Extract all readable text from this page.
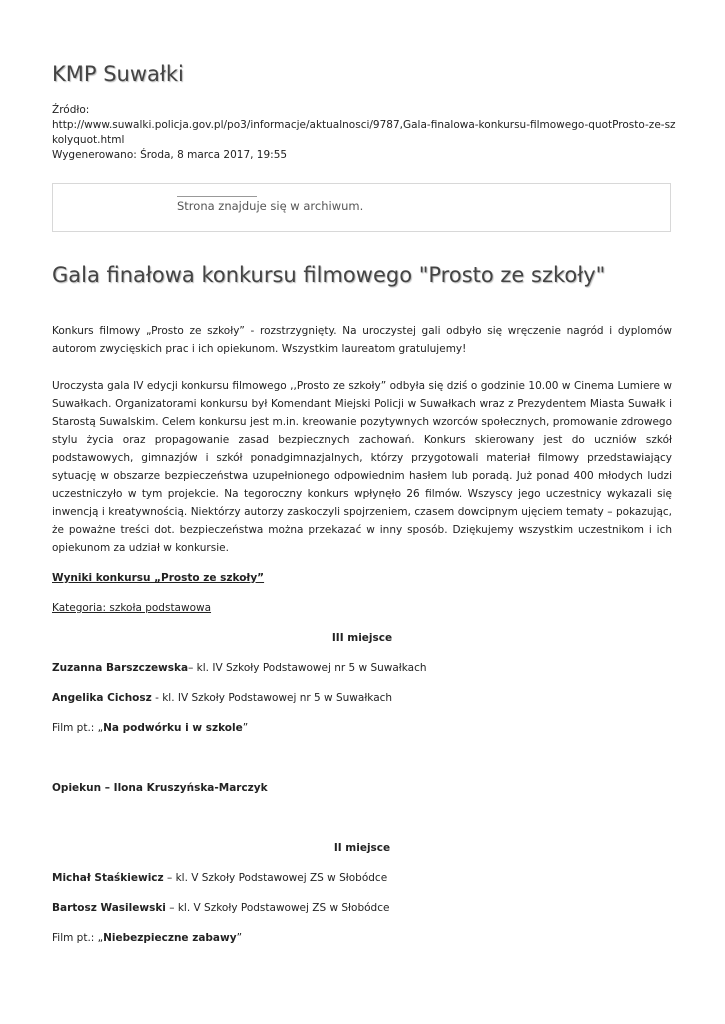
KMP Suwałki
Źródło:
http://www.suwalki.policja.gov.pl/po3/informacje/aktualnosci/9787,Gala-finalowa-konkursu-filmowego-quotProsto-ze-szkolyquot.html
Wygenerowano: Środa, 8 marca 2017, 19:55
Strona znajduje się w archiwum.
Gala finałowa konkursu filmowego "Prosto ze szkoły"

Konkurs filmowy „Prosto ze szkoły” - rozstrzygnięty. Na uroczystej gali odbyło się wręczenie nagród i dyplomów autorom zwycięskich prac i ich opiekunom. Wszystkim laureatom gratulujemy!

Uroczysta gala IV edycji konkursu filmowego ,,Prosto ze szkoły” odbyła się dziś o godzinie 10.00 w Cinema Lumiere w Suwałkach. Organizatorami konkursu był Komendant Miejski Policji w Suwałkach wraz z Prezydentem Miasta Suwałk i Starostą Suwalskim. Celem konkursu jest m.in. kreowanie pozytywnych wzorców społecznych, promowanie zdrowego stylu życia oraz propagowanie zasad bezpiecznych zachowań. Konkurs skierowany jest do uczniów szkół podstawowych, gimnazjów i szkół ponadgimnazjalnych, którzy przygotowali materiał filmowy przedstawiający sytuację w obszarze bezpieczeństwa uzupełnionego odpowiednim hasłem lub poradą. Już ponad 400 młodych ludzi uczestniczyło w tym projekcie. Na tegoroczny konkurs wpłynęło 26 filmów. Wszyscy jego uczestnicy wykazali się inwencją i kreatywnością. Niektórzy autorzy zaskoczyli spojrzeniem, czasem dowcipnym ujęciem tematy – pokazując, że poważne treści dot. bezpieczeństwa można przekazać w inny sposób. Dziękujemy wszystkim uczestnikom i ich opiekunom za udział w konkursie.

Wyniki konkursu „Prosto ze szkoły”

Kategoria: szkoła podstawowa

III miejsce

Zuzanna Barszczewska– kl. IV Szkoły Podstawowej nr 5 w Suwałkach

Angelika Cichosz - kl. IV Szkoły Podstawowej nr 5 w Suwałkach

Film pt.: „Na podwórku i w szkole”

Opiekun – Ilona Kruszyńska-Marczyk

II miejsce

Michał Staśkiewicz – kl. V Szkoły Podstawowej ZS w Słobódce

Bartosz Wasilewski – kl. V Szkoły Podstawowej ZS w Słobódce

Film pt.: „Niebezpieczne zabawy”
